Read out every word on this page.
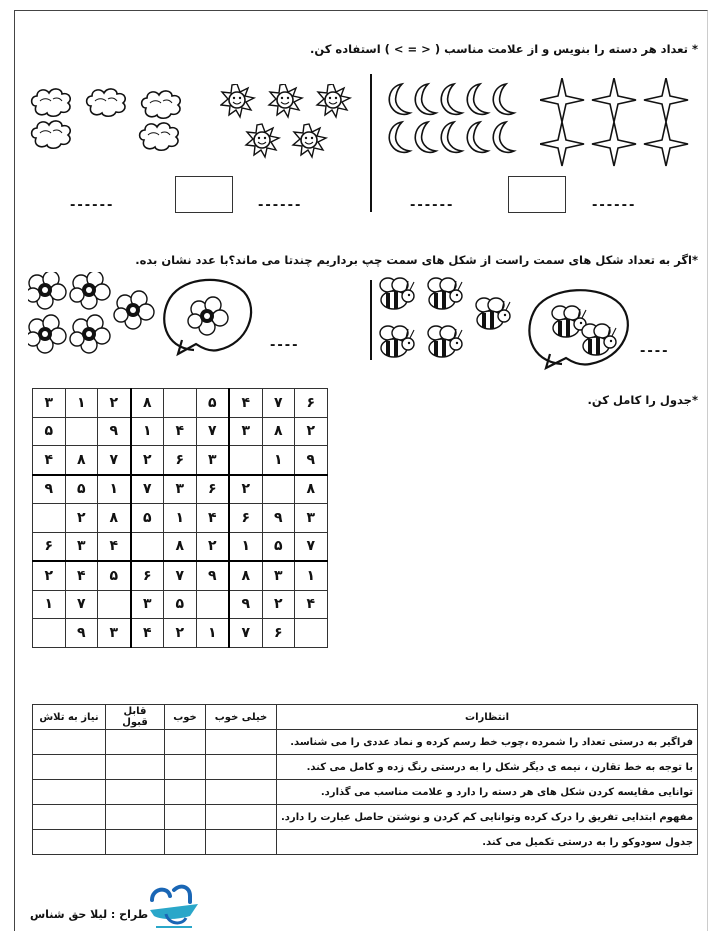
* تعداد هر دسته را بنویس و از علامت مناسب ( < = > ) استفاده کن.
------	------	------	------
*اگر به تعداد شکل های سمت راست از شکل های سمت چپ برداریم چندتا می ماند؟با عدد نشان بده.
----	----
*جدول را کامل کن.
۳	۱	۲	۸		۵	۴	۷	۶
۵		۹	۱	۴	۷	۳	۸	۲
۴	۸	۷	۲	۶	۳		۱	۹
۹	۵	۱	۷	۳	۶	۲		۸
	۲	۸	۵	۱	۴	۶	۹	۳
۶	۳	۴		۸	۲	۱	۵	۷
۲	۴	۵	۶	۷	۹	۸	۳	۱
۱	۷		۳	۵		۹	۲	۴
	۹	۳	۴	۲	۱	۷	۶	
انتظارات	خیلی خوب	خوب	قابل قبول	نیاز به تلاش
فراگیر به درستی تعداد را شمرده ،چوب خط رسم کرده و نماد عددی را می شناسد.				
با توجه به خط تقارن ، نیمه ی دیگر شکل را به درستی رنگ زده و کامل می کند.				
توانایی مقایسه کردن شکل های هر دسته را دارد و علامت مناسب می گذارد.				
مفهوم ابتدایی تفریق را درک کرده وتوانایی کم کردن و نوشتن حاصل عبارت را دارد.				
جدول سودوکو را به درستی تکمیل می کند.				
طراح : لیلا حق شناس
